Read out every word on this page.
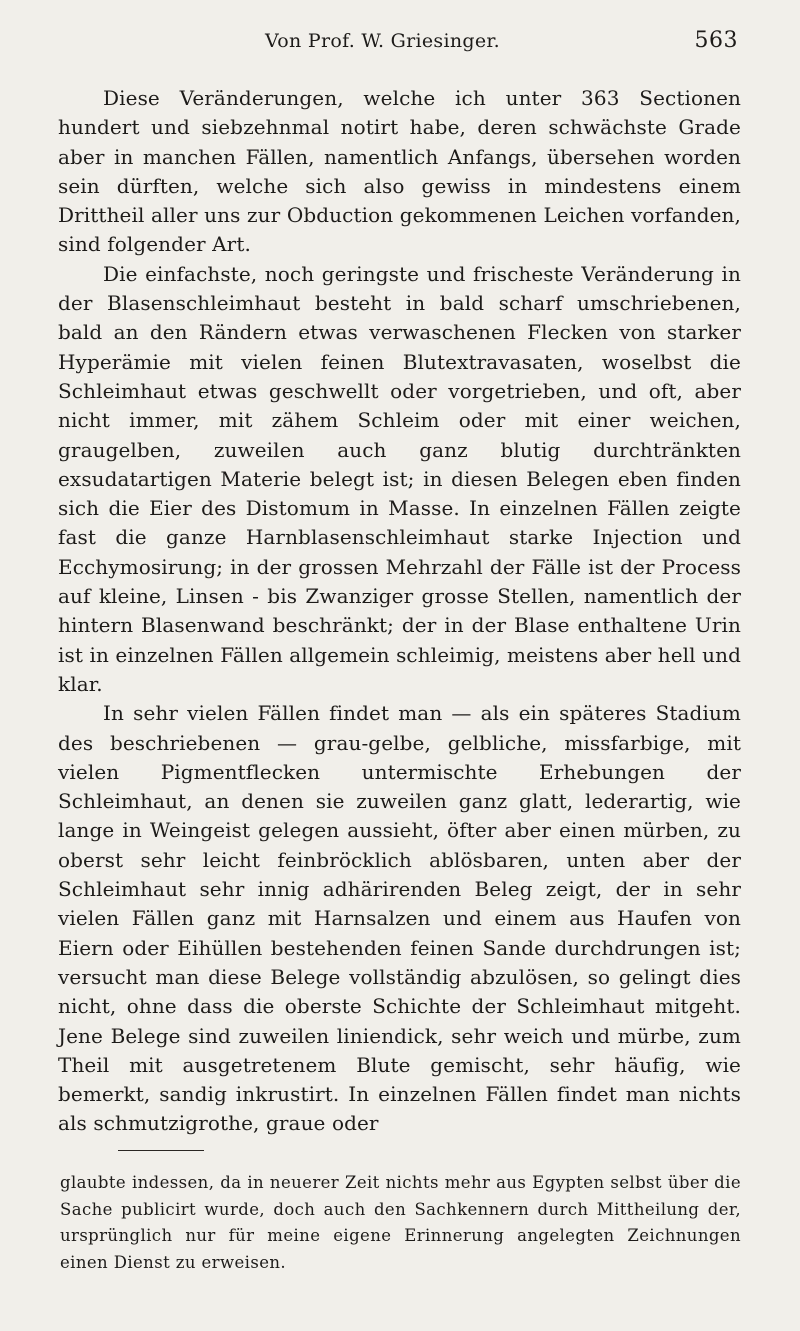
Von Prof. W. Griesinger.	563

Diese Veränderungen, welche ich unter 363 Sectionen hundert und siebzehnmal notirt habe, deren schwächste Grade aber in manchen Fällen, namentlich Anfangs, übersehen worden sein dürften, welche sich also gewiss in mindestens einem Drittheil aller uns zur Obduction gekommenen Leichen vorfanden, sind folgender Art.

Die einfachste, noch geringste und frischeste Veränderung in der Blasenschleimhaut besteht in bald scharf umschriebenen, bald an den Rändern etwas verwaschenen Flecken von starker Hyperämie mit vielen feinen Blutextravasaten, woselbst die Schleimhaut etwas geschwellt oder vorgetrieben, und oft, aber nicht immer, mit zähem Schleim oder mit einer weichen, graugelben, zuweilen auch ganz blutig durchtränkten exsudatartigen Materie belegt ist; in diesen Belegen eben finden sich die Eier des Distomum in Masse. In einzelnen Fällen zeigte fast die ganze Harnblasenschleimhaut starke Injection und Ecchymosirung; in der grossen Mehrzahl der Fälle ist der Process auf kleine, Linsen - bis Zwanziger grosse Stellen, namentlich der hintern Blasenwand beschränkt; der in der Blase enthaltene Urin ist in einzelnen Fällen allgemein schleimig, meistens aber hell und klar.

In sehr vielen Fällen findet man — als ein späteres Stadium des beschriebenen — grau-gelbe, gelbliche, missfarbige, mit vielen Pigmentflecken untermischte Erhebungen der Schleimhaut, an denen sie zuweilen ganz glatt, lederartig, wie lange in Weingeist gelegen aussieht, öfter aber einen mürben, zu oberst sehr leicht feinbröcklich ablösbaren, unten aber der Schleimhaut sehr innig adhärirenden Beleg zeigt, der in sehr vielen Fällen ganz mit Harnsalzen und einem aus Haufen von Eiern oder Eihüllen bestehenden feinen Sande durchdrungen ist; versucht man diese Belege vollständig abzulösen, so gelingt dies nicht, ohne dass die oberste Schichte der Schleimhaut mitgeht. Jene Belege sind zuweilen liniendick, sehr weich und mürbe, zum Theil mit ausgetretenem Blute gemischt, sehr häufig, wie bemerkt, sandig inkrustirt. In einzelnen Fällen findet man nichts als schmutzigrothe, graue oder

glaubte indessen, da in neuerer Zeit nichts mehr aus Egypten selbst über die Sache publicirt wurde, doch auch den Sachkennern durch Mittheilung der, ursprünglich nur für meine eigene Erinnerung angelegten Zeichnungen einen Dienst zu erweisen.
